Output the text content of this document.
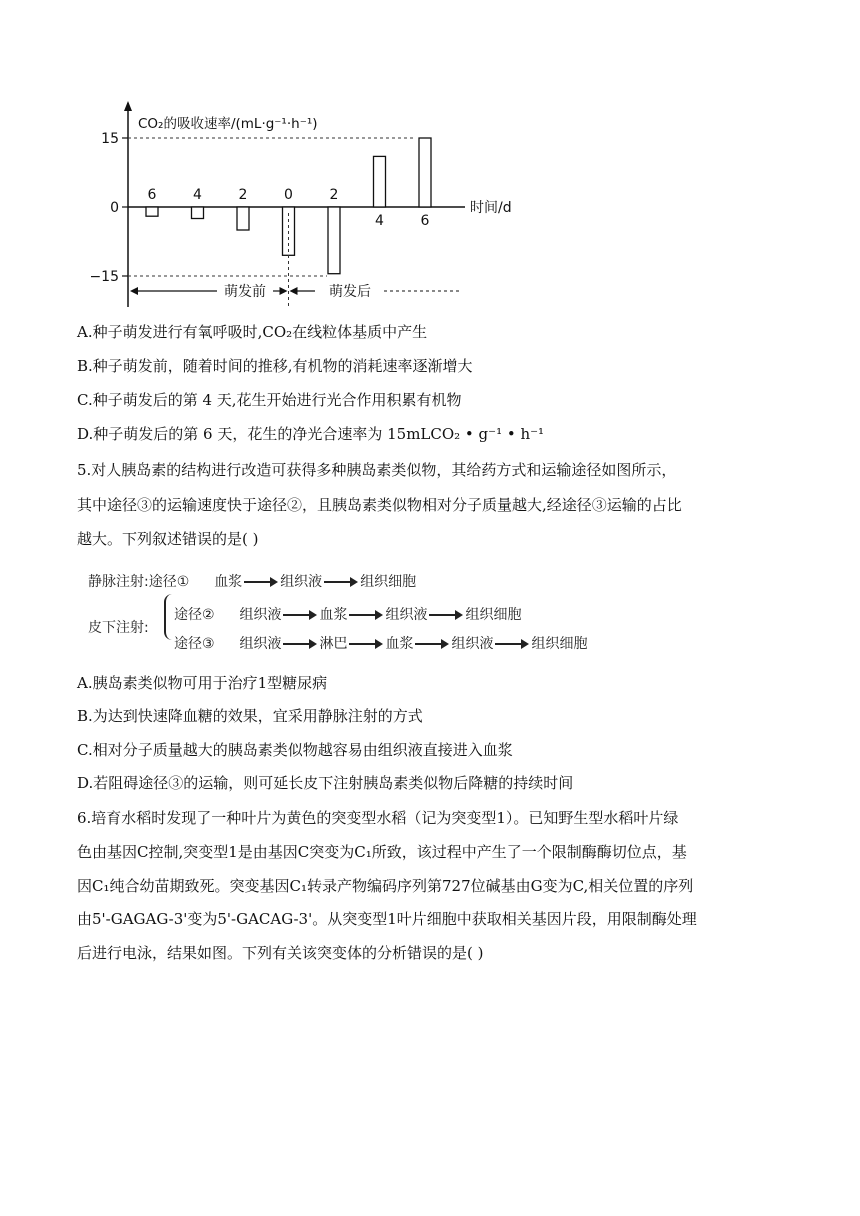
CO₂的吸收速率/(mL·g⁻¹·h⁻¹)
时间/d
15
0
−15
6	4	2	0	2
4	6
萌发前	萌发后
A.种子萌发进行有氧呼吸时,CO₂在线粒体基质中产生
B.种子萌发前，随着时间的推移,有机物的消耗速率逐渐增大
C.种子萌发后的第 4 天,花生开始进行光合作用积累有机物
D.种子萌发后的第 6 天，花生的净光合速率为 15mLCO₂ • g⁻¹ • h⁻¹
5.对人胰岛素的结构进行改造可获得多种胰岛素类似物，其给药方式和运输途径如图所示，
其中途径③的运输速度快于途径②，且胰岛素类似物相对分子质量越大,经途径③运输的占比
越大。下列叙述错误的是( )
静脉注射:途径① 血浆	组织液	组织细胞
皮下注射:
途径② 组织液	血浆	组织液	组织细胞
途径③ 组织液	淋巴	血浆	组织液	组织细胞
A.胰岛素类似物可用于治疗1型糖尿病
B.为达到快速降血糖的效果，宜采用静脉注射的方式
C.相对分子质量越大的胰岛素类似物越容易由组织液直接进入血浆
D.若阻碍途径③的运输，则可延长皮下注射胰岛素类似物后降糖的持续时间
6.培育水稻时发现了一种叶片为黄色的突变型水稻（记为突变型1）。已知野生型水稻叶片绿
色由基因C控制,突变型1是由基因C突变为C₁所致，该过程中产生了一个限制酶酶切位点，基
因C₁纯合幼苗期致死。突变基因C₁转录产物编码序列第727位碱基由G变为C,相关位置的序列
由5'-GAGAG-3'变为5'-GACAG-3'。从突变型1叶片细胞中获取相关基因片段，用限制酶处理
后进行电泳，结果如图。下列有关该突变体的分析错误的是( )
